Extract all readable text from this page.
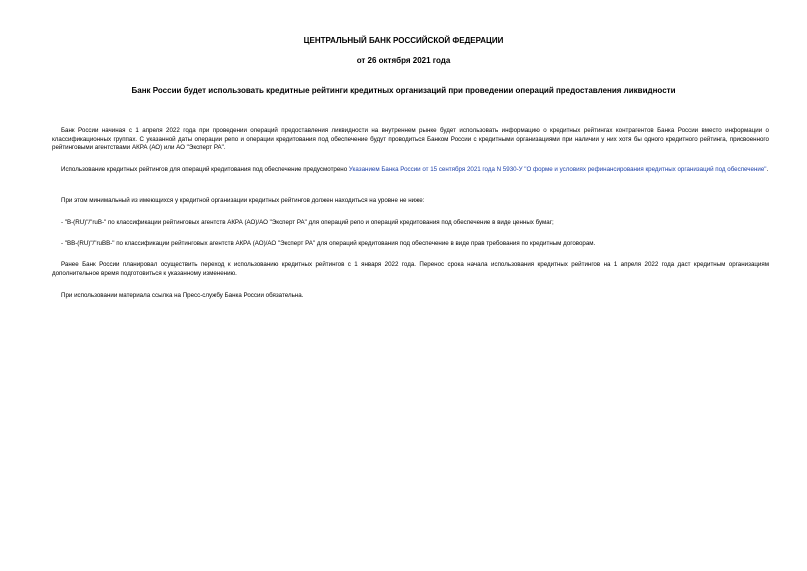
ЦЕНТРАЛЬНЫЙ БАНК РОССИЙСКОЙ ФЕДЕРАЦИИ
от 26 октября 2021 года
Банк России будет использовать кредитные рейтинги кредитных организаций при проведении операций предоставления ликвидности

Банк России начиная с 1 апреля 2022 года при проведении операций предоставления ликвидности на внутреннем рынке будет использовать информацию о кредитных рейтингах контрагентов Банка России вместо информации о классификационных группах. С указанной даты операции репо и операции кредитования под обеспечение будут проводиться Банком России с кредитными организациями при наличии у них хотя бы одного кредитного рейтинга, присвоенного рейтинговыми агентствами АКРА (АО) или АО "Эксперт РА".

Использование кредитных рейтингов для операций кредитования под обеспечение предусмотрено Указанием Банка России от 15 сентября 2021 года N 5930-У "О форме и условиях рефинансирования кредитных организаций под обеспечение".

При этом минимальный из имеющихся у кредитной организации кредитных рейтингов должен находиться на уровне не ниже:

- "B-(RU)"/"ruB-" по классификации рейтинговых агентств АКРА (АО)/АО "Эксперт РА" для операций репо и операций кредитования под обеспечение в виде ценных бумаг;

- "BB-(RU)"/"ruBB-" по классификации рейтинговых агентств АКРА (АО)/АО "Эксперт РА" для операций кредитования под обеспечение в виде прав требования по кредитным договорам.

Ранее Банк России планировал осуществить переход к использованию кредитных рейтингов с 1 января 2022 года. Перенос срока начала использования кредитных рейтингов на 1 апреля 2022 года даст кредитным организациям дополнительное время подготовиться к указанному изменению.

При использовании материала ссылка на Пресс-службу Банка России обязательна.
